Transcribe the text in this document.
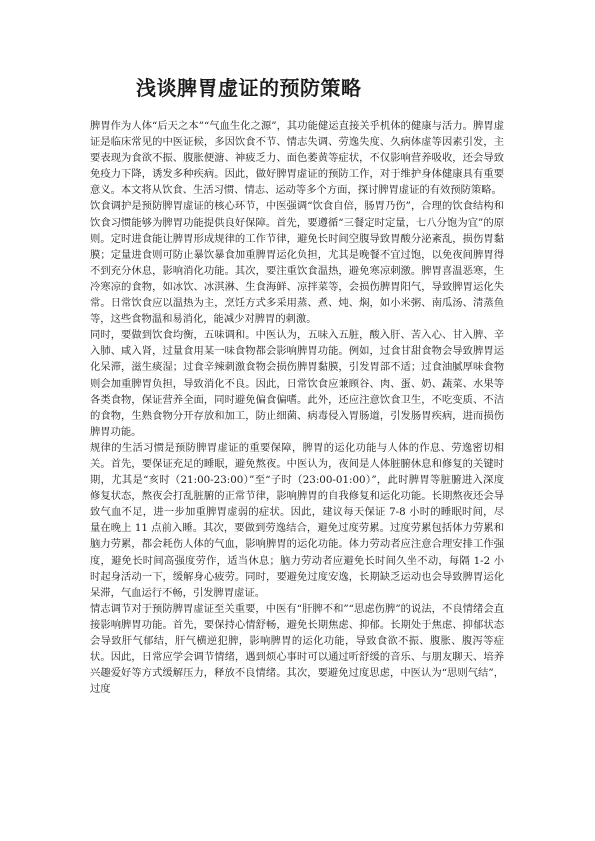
浅谈脾胃虚证的预防策略

脾胃作为人体“后天之本”“气血生化之源”，其功能健运直接关乎机体的健康与活力。脾胃虚证是临床常见的中医证候，多因饮食不节、情志失调、劳逸失度、久病体虚等因素引发，主要表现为食欲不振、腹胀便溏、神疲乏力、面色萎黄等症状，不仅影响营养吸收，还会导致免疫力下降，诱发多种疾病。因此，做好脾胃虚证的预防工作，对于维护身体健康具有重要意义。本文将从饮食、生活习惯、情志、运动等多个方面，探讨脾胃虚证的有效预防策略。

饮食调护是预防脾胃虚证的核心环节，中医强调“饮食自倍，肠胃乃伤”，合理的饮食结构和饮食习惯能够为脾胃功能提供良好保障。首先，要遵循“三餐定时定量，七八分饱为宜”的原则。定时进食能让脾胃形成规律的工作节律，避免长时间空腹导致胃酸分泌紊乱，损伤胃黏膜；定量进食则可防止暴饮暴食加重脾胃运化负担，尤其是晚餐不宜过饱，以免夜间脾胃得不到充分休息，影响消化功能。其次，要注重饮食温热，避免寒凉刺激。脾胃喜温恶寒，生冷寒凉的食物，如冰饮、冰淇淋、生食海鲜、凉拌菜等，会损伤脾胃阳气，导致脾胃运化失常。日常饮食应以温热为主，烹饪方式多采用蒸、煮、炖、焖，如小米粥、南瓜汤、清蒸鱼等，这些食物温和易消化，能减少对脾胃的刺激。

同时，要做到饮食均衡，五味调和。中医认为，五味入五脏，酸入肝、苦入心、甘入脾、辛入肺、咸入肾，过量食用某一味食物都会影响脾胃功能。例如，过食甘甜食物会导致脾胃运化呆滞，滋生痰湿；过食辛辣刺激食物会损伤脾胃黏膜，引发胃部不适；过食油腻厚味食物则会加重脾胃负担，导致消化不良。因此，日常饮食应兼顾谷、肉、蛋、奶、蔬菜、水果等各类食物，保证营养全面，同时避免偏食偏嗜。此外，还应注意饮食卫生，不吃变质、不洁的食物，生熟食物分开存放和加工，防止细菌、病毒侵入胃肠道，引发肠胃疾病，进而损伤脾胃功能。

规律的生活习惯是预防脾胃虚证的重要保障，脾胃的运化功能与人体的作息、劳逸密切相关。首先，要保证充足的睡眠，避免熬夜。中医认为，夜间是人体脏腑休息和修复的关键时期，尤其是“亥时（21:00-23:00）”至“子时（23:00-01:00）”，此时脾胃等脏腑进入深度修复状态，熬夜会打乱脏腑的正常节律，影响脾胃的自我修复和运化功能。长期熬夜还会导致气血不足，进一步加重脾胃虚弱的症状。因此，建议每天保证 7-8 小时的睡眠时间，尽量在晚上 11 点前入睡。其次，要做到劳逸结合，避免过度劳累。过度劳累包括体力劳累和脑力劳累，都会耗伤人体的气血，影响脾胃的运化功能。体力劳动者应注意合理安排工作强度，避免长时间高强度劳作，适当休息；脑力劳动者应避免长时间久坐不动，每隔 1-2 小时起身活动一下，缓解身心疲劳。同时，要避免过度安逸，长期缺乏运动也会导致脾胃运化呆滞，气血运行不畅，引发脾胃虚证。

情志调节对于预防脾胃虚证至关重要，中医有“肝脾不和”“思虑伤脾”的说法，不良情绪会直接影响脾胃功能。首先，要保持心情舒畅，避免长期焦虑、抑郁。长期处于焦虑、抑郁状态会导致肝气郁结，肝气横逆犯脾，影响脾胃的运化功能，导致食欲不振、腹胀、腹泻等症状。因此，日常应学会调节情绪，遇到烦心事时可以通过听舒缓的音乐、与朋友聊天、培养兴趣爱好等方式缓解压力，释放不良情绪。其次，要避免过度思虑，中医认为“思则气结”，过度
